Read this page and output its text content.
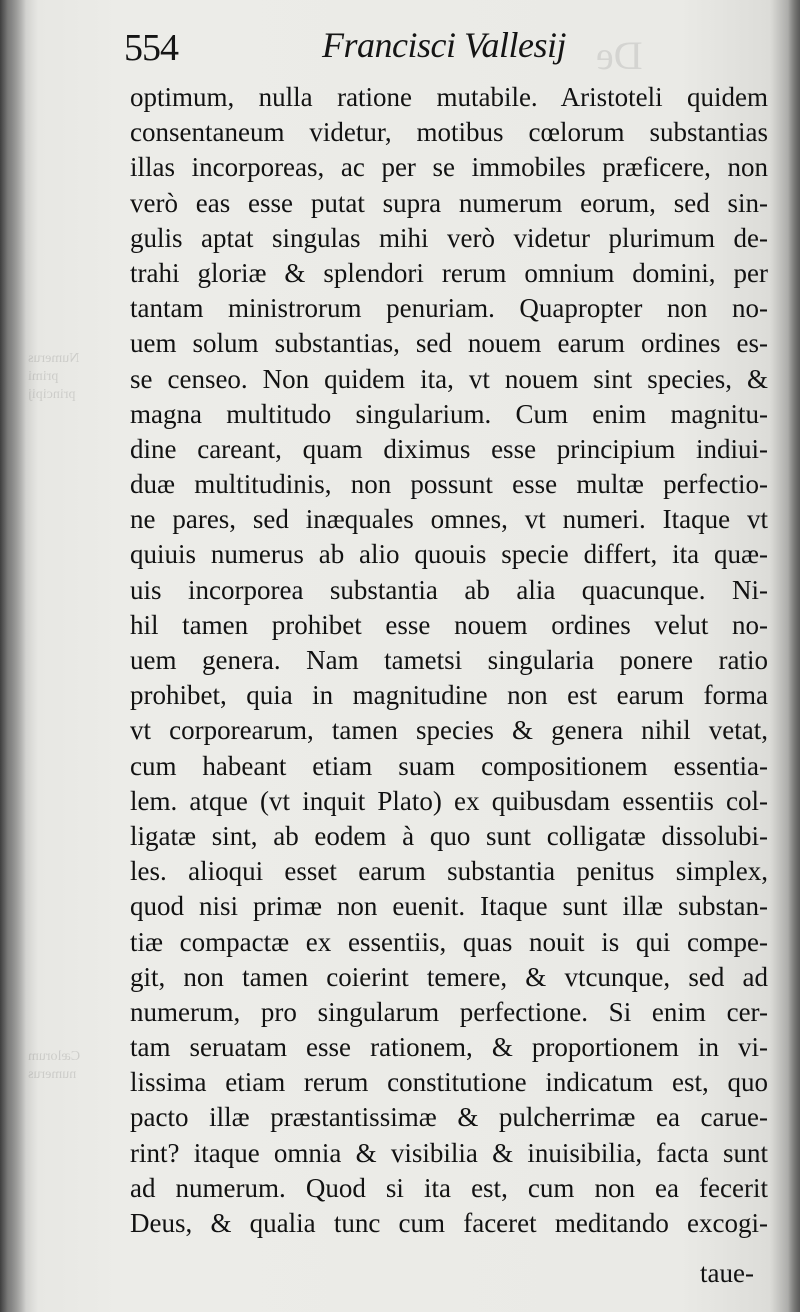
554	Francisci Vallesij De
Numerus
primi
principij
Cælorum
numerus
optimum, nulla ratione mutabile. Aristoteli quidem
consentaneum videtur, motibus cœlorum substantias
illas incorporeas, ac per se immobiles præficere, non
verò eas esse putat supra numerum eorum, sed sin-
gulis aptat singulas mihi verò videtur plurimum de-
trahi gloriæ & splendori rerum omnium domini, per
tantam ministrorum penuriam. Quapropter non no-
uem solum substantias, sed nouem earum ordines es-
se censeo. Non quidem ita, vt nouem sint species, &
magna multitudo singularium. Cum enim magnitu-
dine careant, quam diximus esse principium indiui-
duæ multitudinis, non possunt esse multæ perfectio-
ne pares, sed inæquales omnes, vt numeri. Itaque vt
quiuis numerus ab alio quouis specie differt, ita quæ-
uis incorporea substantia ab alia quacunque. Ni-
hil tamen prohibet esse nouem ordines velut no-
uem genera. Nam tametsi singularia ponere ratio
prohibet, quia in magnitudine non est earum forma
vt corporearum, tamen species & genera nihil vetat,
cum habeant etiam suam compositionem essentia-
lem. atque (vt inquit Plato) ex quibusdam essentiis col-
ligatæ sint, ab eodem à quo sunt colligatæ dissolubi-
les. alioqui esset earum substantia penitus simplex,
quod nisi primæ non euenit. Itaque sunt illæ substan-
tiæ compactæ ex essentiis, quas nouit is qui compe-
git, non tamen coierint temere, & vtcunque, sed ad
numerum, pro singularum perfectione. Si enim cer-
tam seruatam esse rationem, & proportionem in vi-
lissima etiam rerum constitutione indicatum est, quo
pacto illæ præstantissimæ & pulcherrimæ ea carue-
rint? itaque omnia & visibilia & inuisibilia, facta sunt
ad numerum. Quod si ita est, cum non ea fecerit
Deus, & qualia tunc cum faceret meditando excogi-
taue-
